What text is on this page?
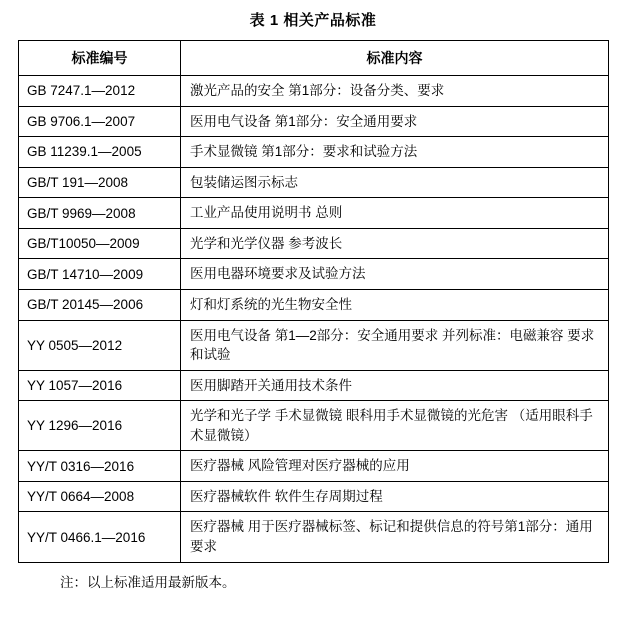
表 1 相关产品标准
标准编号	标准内容
GB 7247.1—2012	激光产品的安全 第1部分：设备分类、要求
GB 9706.1—2007	医用电气设备 第1部分：安全通用要求
GB 11239.1—2005	手术显微镜 第1部分：要求和试验方法
GB/T 191—2008	包装储运图示标志
GB/T 9969—2008	工业产品使用说明书 总则
GB/T10050—2009	光学和光学仪器 参考波长
GB/T 14710—2009	医用电器环境要求及试验方法
GB/T 20145—2006	灯和灯系统的光生物安全性
YY 0505—2012	医用电气设备 第1—2部分：安全通用要求 并列标准：电磁兼容 要求和试验
YY 1057—2016	医用脚踏开关通用技术条件
YY 1296—2016	光学和光子学 手术显微镜 眼科用手术显微镜的光危害 （适用眼科手术显微镜）
YY/T 0316—2016	医疗器械 风险管理对医疗器械的应用
YY/T 0664—2008	医疗器械软件 软件生存周期过程
YY/T 0466.1—2016	医疗器械 用于医疗器械标签、标记和提供信息的符号第1部分：通用要求
注：以上标准适用最新版本。
